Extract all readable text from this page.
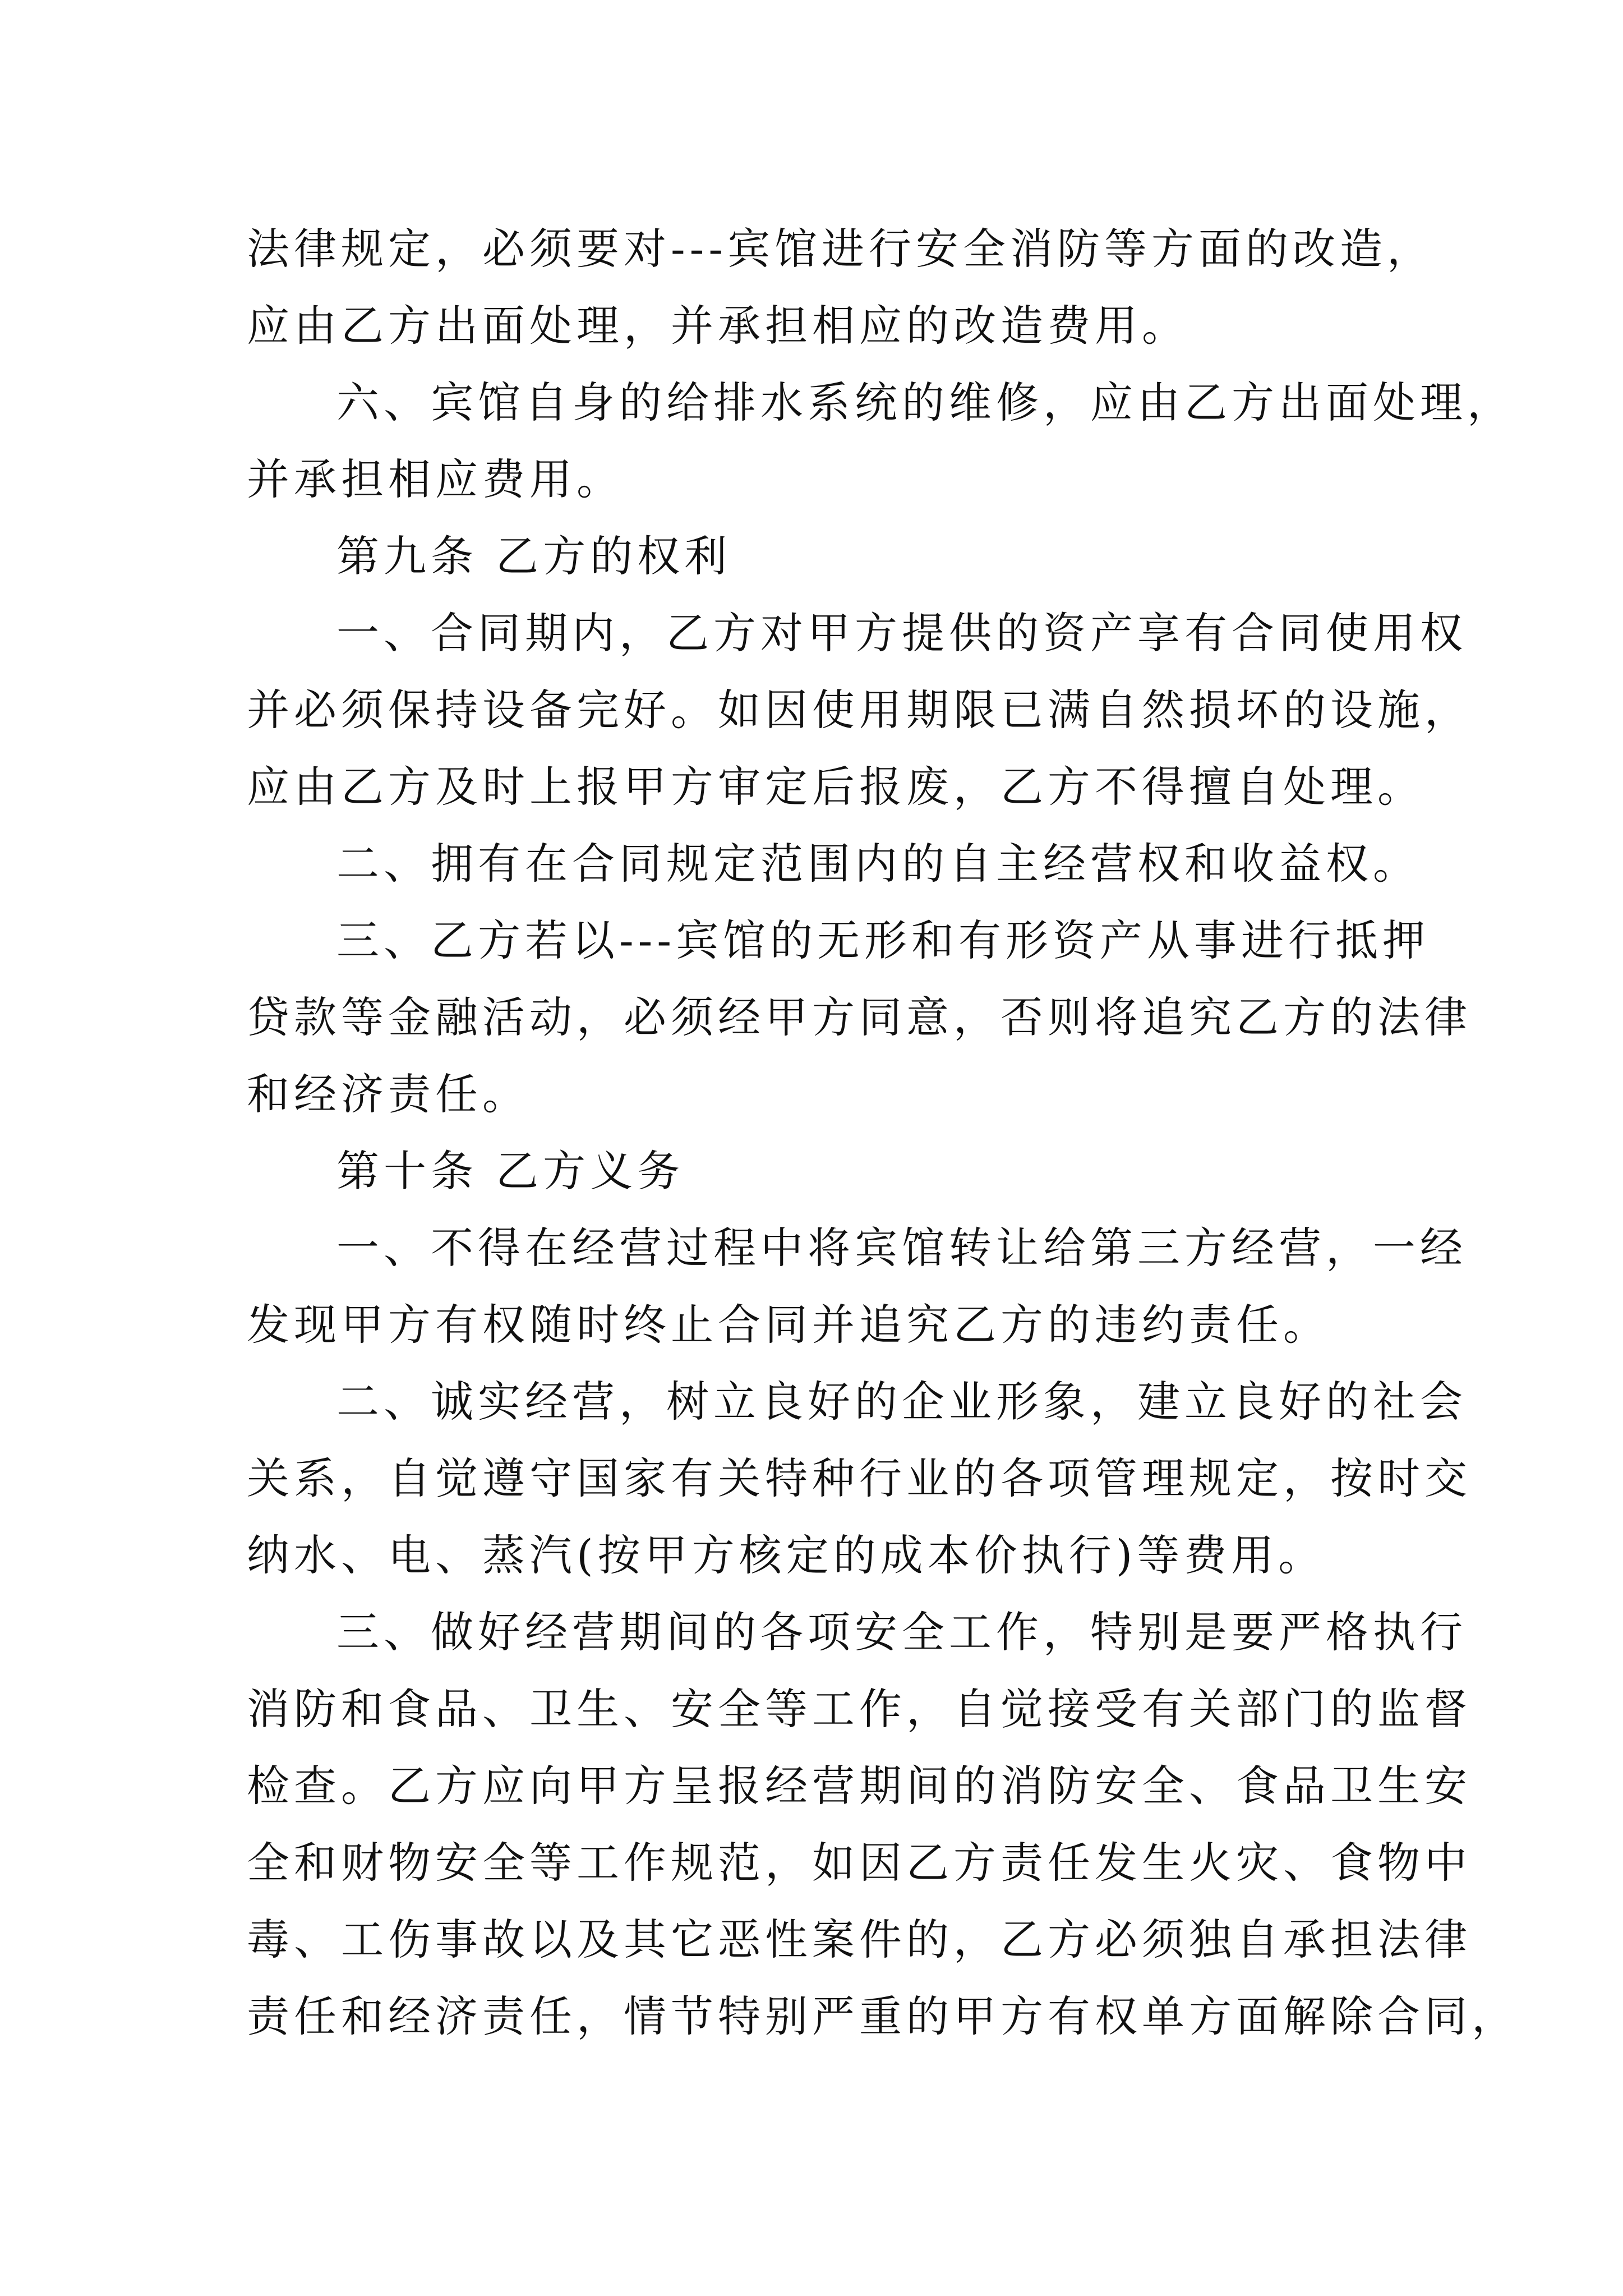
法律规定，必须要对---宾馆进行安全消防等方面的改造，
应由乙方出面处理，并承担相应的改造费用。
六、宾馆自身的给排水系统的维修，应由乙方出面处理，
并承担相应费用。
第九条 乙方的权利
一、合同期内，乙方对甲方提供的资产享有合同使用权
并必须保持设备完好。如因使用期限已满自然损坏的设施，
应由乙方及时上报甲方审定后报废，乙方不得擅自处理。
二、拥有在合同规定范围内的自主经营权和收益权。
三、乙方若以---宾馆的无形和有形资产从事进行抵押
贷款等金融活动，必须经甲方同意，否则将追究乙方的法律
和经济责任。
第十条 乙方义务
一、不得在经营过程中将宾馆转让给第三方经营，一经
发现甲方有权随时终止合同并追究乙方的违约责任。
二、诚实经营，树立良好的企业形象，建立良好的社会
关系，自觉遵守国家有关特种行业的各项管理规定，按时交
纳水、电、蒸汽(按甲方核定的成本价执行)等费用。
三、做好经营期间的各项安全工作，特别是要严格执行
消防和食品、卫生、安全等工作，自觉接受有关部门的监督
检查。乙方应向甲方呈报经营期间的消防安全、食品卫生安
全和财物安全等工作规范，如因乙方责任发生火灾、食物中
毒、工伤事故以及其它恶性案件的，乙方必须独自承担法律
责任和经济责任，情节特别严重的甲方有权单方面解除合同，
